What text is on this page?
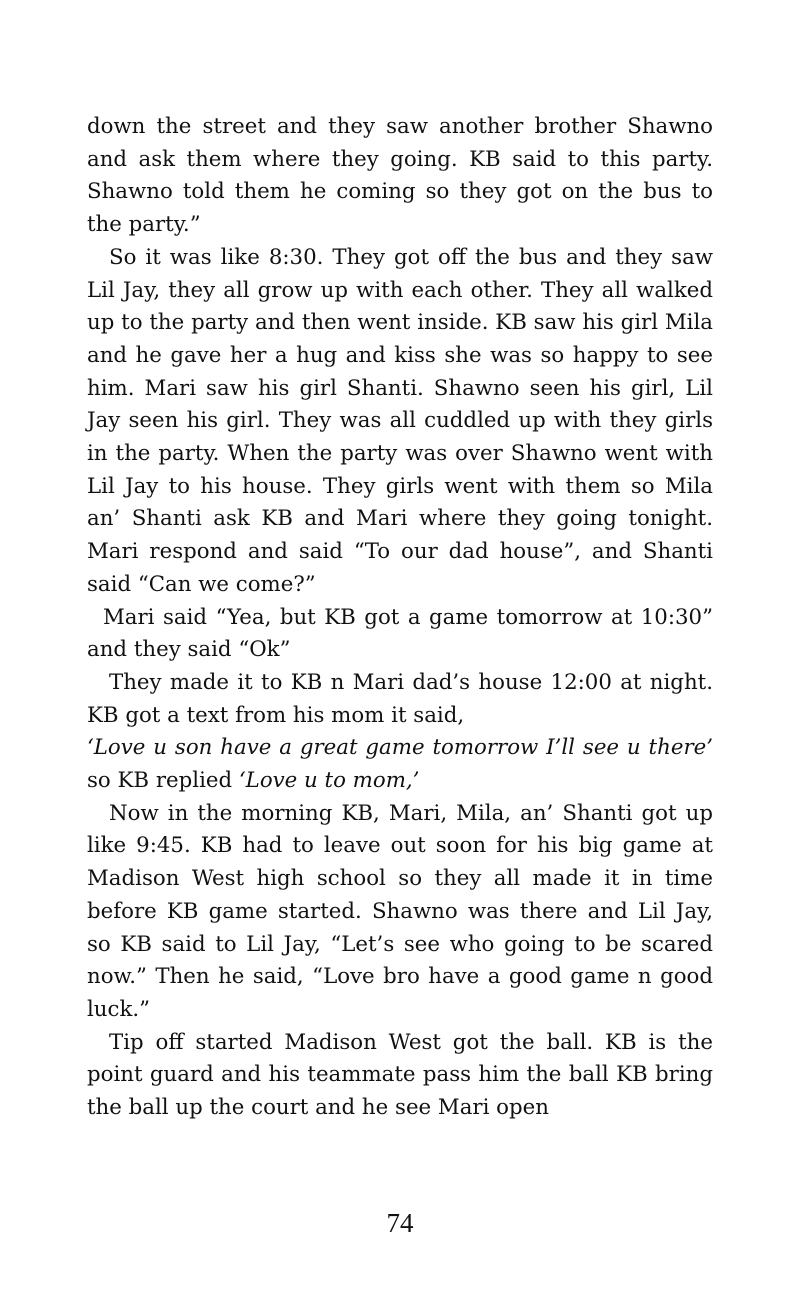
down the street and they saw another brother Shawno and ask them where they going. KB said to this party. Shawno told them he coming so they got on the bus to the party.”

So it was like 8:30. They got off the bus and they saw Lil Jay, they all grow up with each other. They all walked up to the party and then went inside. KB saw his girl Mila and he gave her a hug and kiss she was so happy to see him. Mari saw his girl Shanti. Shawno seen his girl, Lil Jay seen his girl. They was all cuddled up with they girls in the party. When the party was over Shawno went with Lil Jay to his house. They girls went with them so Mila an’ Shanti ask KB and Mari where they going tonight. Mari respond and said “To our dad house”, and Shanti said “Can we come?”

Mari said “Yea, but KB got a game tomorrow at 10:30” and they said “Ok”

They made it to KB n Mari dad’s house 12:00 at night. KB got a text from his mom it said,

‘Love u son have a great game tomorrow I’ll see u there’ so KB replied ‘Love u to mom,’

Now in the morning KB, Mari, Mila, an’ Shanti got up like 9:45. KB had to leave out soon for his big game at Madison West high school so they all made it in time before KB game started. Shawno was there and Lil Jay, so KB said to Lil Jay, “Let’s see who going to be scared now.” Then he said, “Love bro have a good game n good luck.”

Tip off started Madison West got the ball. KB is the point guard and his teammate pass him the ball KB bring the ball up the court and he see Mari open

74
